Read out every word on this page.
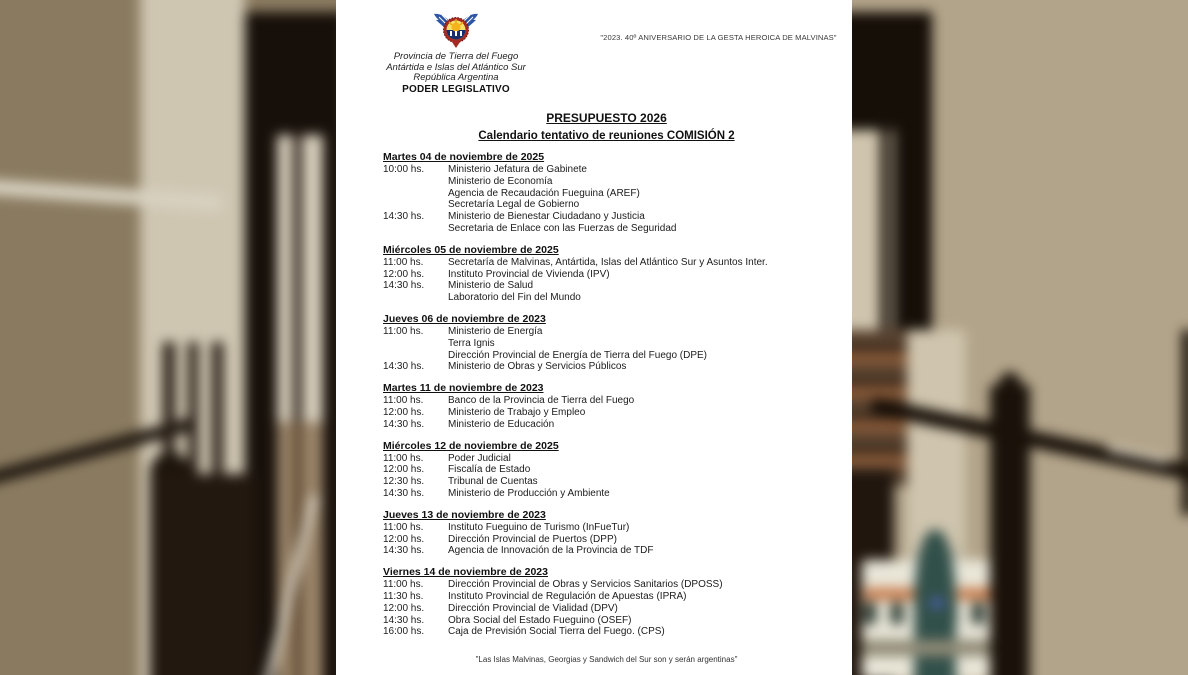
Provincia de Tierra del Fuego
Antártida e Islas del Atlántico Sur
República Argentina
PODER LEGISLATIVO
"2023. 40º ANIVERSARIO DE LA GESTA HEROICA DE MALVINAS"
PRESUPUESTO 2026
Calendario tentativo de reuniones COMISIÓN 2
Martes 04 de noviembre de 2025
10:00 hs.	Ministerio Jefatura de Gabinete
Ministerio de Economía
Agencia de Recaudación Fueguina (AREF)
Secretaría Legal de Gobierno
14:30 hs.	Ministerio de Bienestar Ciudadano y Justicia
Secretaria de Enlace con las Fuerzas de Seguridad
Miércoles 05 de noviembre de 2025
11:00 hs.	Secretaría de Malvinas, Antártida, Islas del Atlántico Sur y Asuntos Inter.
12:00 hs.	Instituto Provincial de Vivienda (IPV)
14:30 hs.	Ministerio de Salud
Laboratorio del Fin del Mundo
Jueves 06 de noviembre de 2023
11:00 hs.	Ministerio de Energía
Terra Ignis
Dirección Provincial de Energía de Tierra del Fuego (DPE)
14:30 hs.	Ministerio de Obras y Servicios Públicos
Martes 11 de noviembre de 2023
11:00 hs.	Banco de la Provincia de Tierra del Fuego
12:00 hs.	Ministerio de Trabajo y Empleo
14:30 hs.	Ministerio de Educación
Miércoles 12 de noviembre de 2025
11:00 hs.	Poder Judicial
12:00 hs.	Fiscalía de Estado
12:30 hs.	Tribunal de Cuentas
14:30 hs.	Ministerio de Producción y Ambiente
Jueves 13 de noviembre de 2023
11:00 hs.	Instituto Fueguino de Turismo (InFueTur)
12:00 hs.	Dirección Provincial de Puertos (DPP)
14:30 hs.	Agencia de Innovación de la Provincia de TDF
Viernes 14 de noviembre de 2023
11:00 hs.	Dirección Provincial de Obras y Servicios Sanitarios (DPOSS)
11:30 hs.	Instituto Provincial de Regulación de Apuestas (IPRA)
12:00 hs.	Dirección Provincial de Vialidad (DPV)
14:30 hs.	Obra Social del Estado Fueguino (OSEF)
16:00 hs.	Caja de Previsión Social Tierra del Fuego. (CPS)
"Las Islas Malvinas, Georgias y Sandwich del Sur son y serán argentinas"
